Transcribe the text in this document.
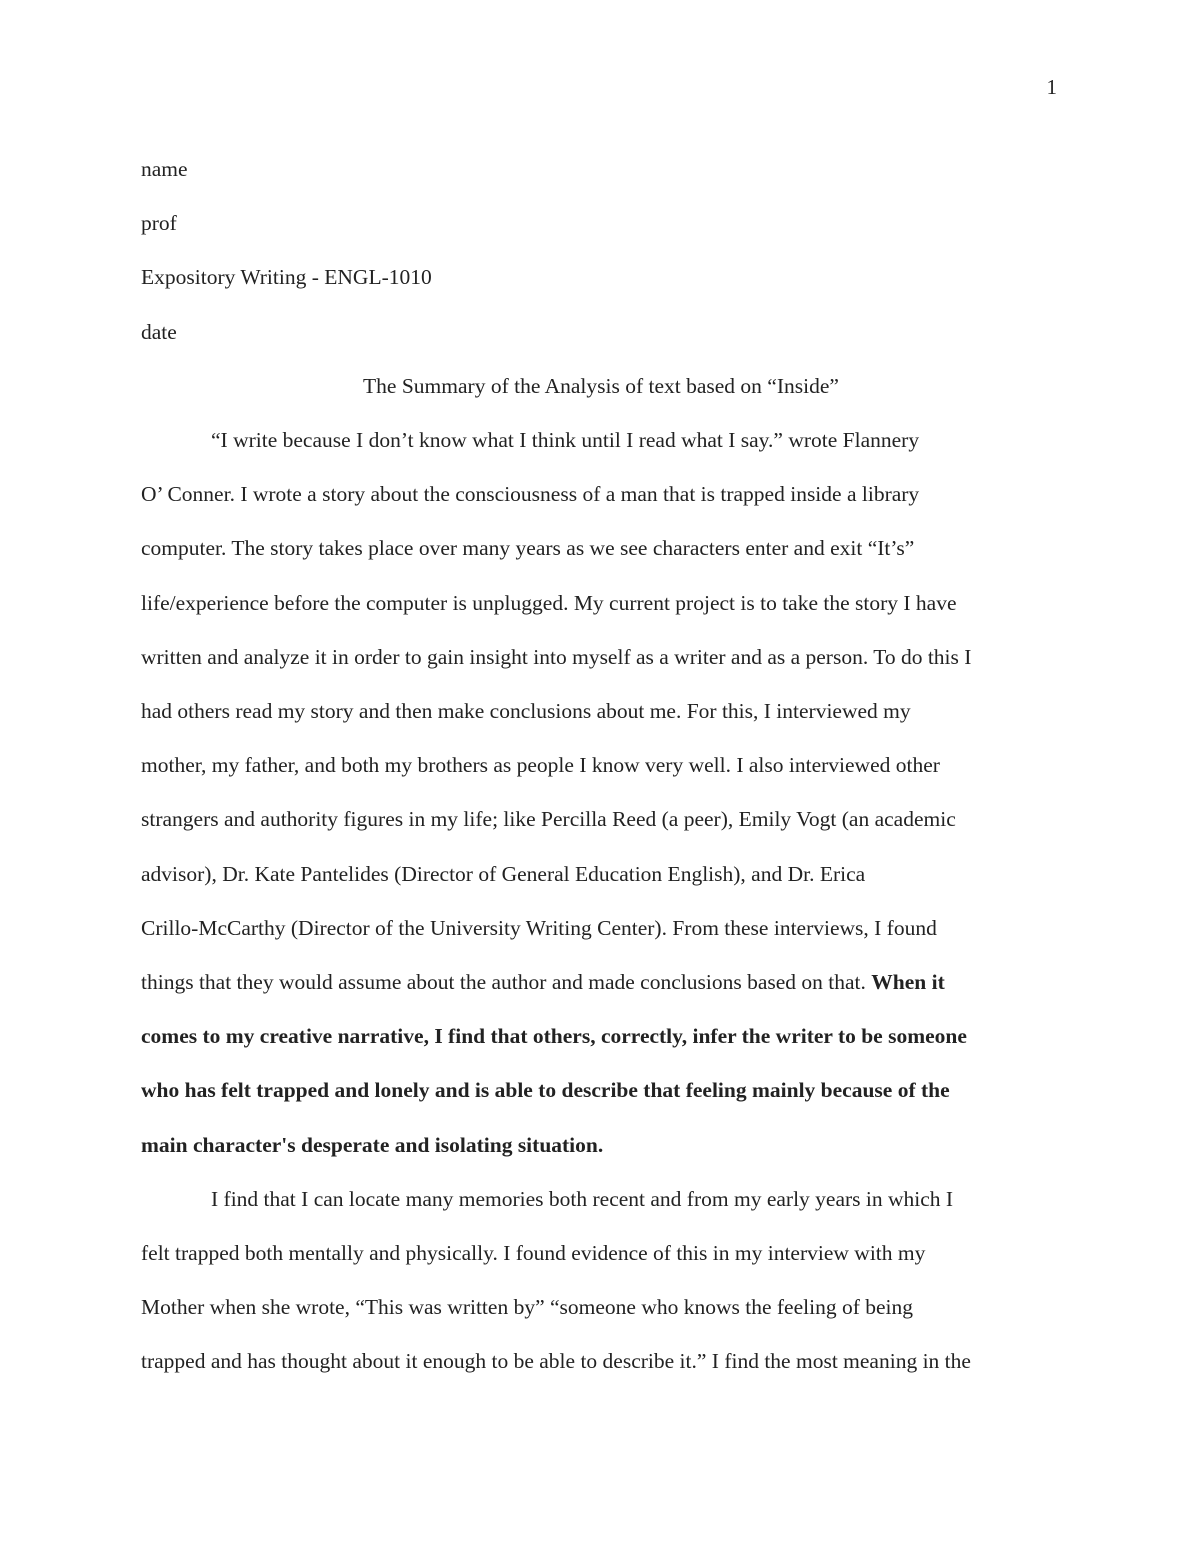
1
name
prof
Expository Writing - ENGL-1010
date
The Summary of the Analysis of text based on “Inside”
“I write because I don’t know what I think until I read what I say.” wrote Flannery
O’ Conner. I wrote a story about the consciousness of a man that is trapped inside a library
computer. The story takes place over many years as we see characters enter and exit “It’s”
life/experience before the computer is unplugged. My current project is to take the story I have
written and analyze it in order to gain insight into myself as a writer and as a person. To do this I
had others read my story and then make conclusions about me. For this, I interviewed my
mother, my father, and both my brothers as people I know very well. I also interviewed other
strangers and authority figures in my life; like Percilla Reed (a peer), Emily Vogt (an academic
advisor), Dr. Kate Pantelides (Director of General Education English), and Dr. Erica
Crillo-McCarthy (Director of the University Writing Center). From these interviews, I found
things that they would assume about the author and made conclusions based on that. When it
comes to my creative narrative, I find that others, correctly, infer the writer to be someone
who has felt trapped and lonely and is able to describe that feeling mainly because of the
main character's desperate and isolating situation.
I find that I can locate many memories both recent and from my early years in which I
felt trapped both mentally and physically. I found evidence of this in my interview with my
Mother when she wrote, “This was written by” “someone who knows the feeling of being
trapped and has thought about it enough to be able to describe it.” I find the most meaning in the
